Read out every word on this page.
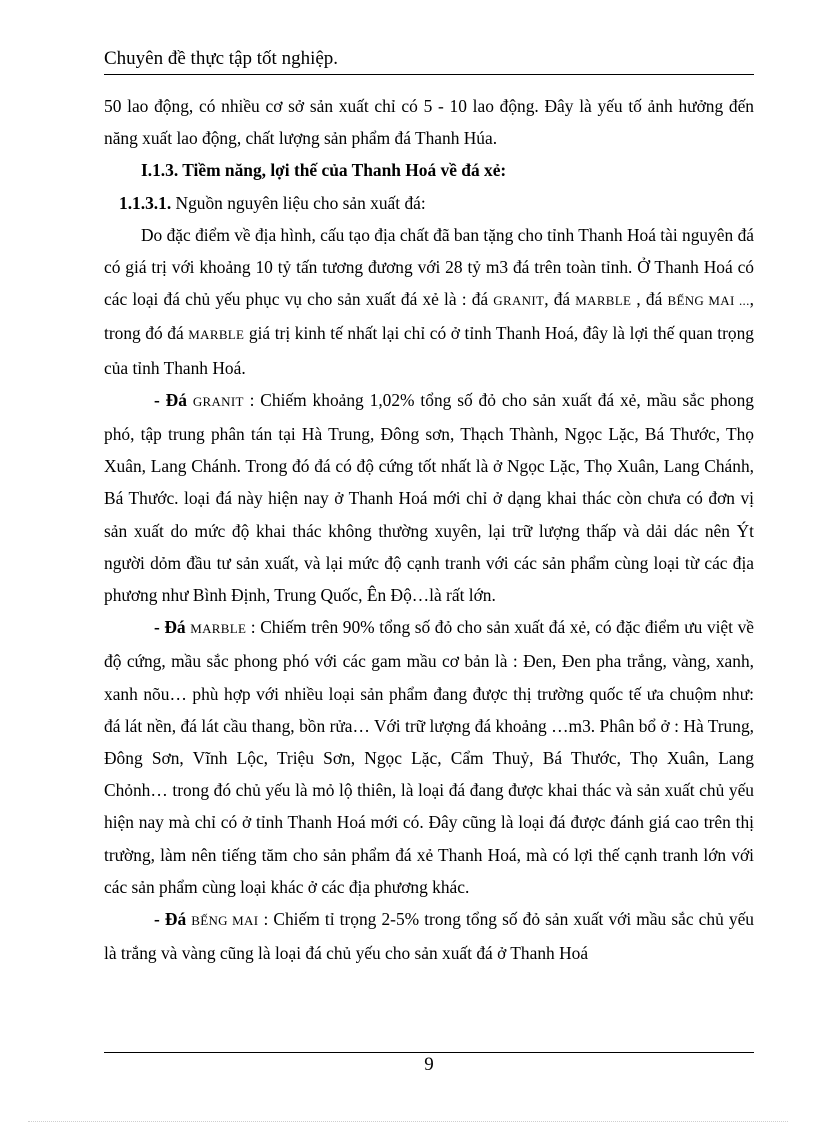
Chuyên đề thực tập tốt nghiệp.

50 lao động, có nhiều cơ sở sản xuất chỉ có 5 - 10 lao động. Đây là yếu tố ảnh hưởng đến năng xuất lao động, chất lượng sản phẩm đá Thanh Húa.

I.1.3. Tiềm năng, lợi thế của Thanh Hoá về đá xẻ:

1.1.3.1. Nguồn nguyên liệu cho sản xuất đá:

Do đặc điểm về địa hình, cấu tạo địa chất đã ban tặng cho tỉnh Thanh Hoá tài nguyên đá có giá trị với khoảng 10 tỷ tấn tương đương với 28 tỷ m3 đá trên toàn tỉnh. Ở Thanh Hoá có các loại đá chủ yếu phục vụ cho sản xuất đá xẻ là : đá GRANIT, đá MARBLE , đá BẾNG MAI ..., trong đó đá MARBLE giá trị kinh tế nhất lại chỉ có ở tỉnh Thanh Hoá, đây là lợi thế quan trọng của tỉnh Thanh Hoá.

- Đá GRANIT : Chiếm khoảng 1,02% tổng số đỏ cho sản xuất đá xẻ, mầu sắc phong phó, tập trung phân tán tại Hà Trung, Đông sơn, Thạch Thành, Ngọc Lặc, Bá Thước, Thọ Xuân, Lang Chánh. Trong đó đá có độ cứng tốt nhất là ở Ngọc Lặc, Thọ Xuân, Lang Chánh, Bá Thước. loại đá này hiện nay ở Thanh Hoá mới chỉ ở dạng khai thác còn chưa có đơn vị sản xuất do mức độ khai thác không thường xuyên, lại trữ lượng thấp và dải dác nên Ýt người dỏm đầu tư sản xuất, và lại mức độ cạnh tranh với các sản phẩm cùng loại từ các địa phương như Bình Định, Trung Quốc, Ên Độ…là rất lớn.

- Đá MARBLE : Chiếm trên 90% tổng số đỏ cho sản xuất đá xẻ, có đặc điểm ưu việt về độ cứng, mầu sắc phong phó với các gam mầu cơ bản là : Đen, Đen pha trắng, vàng, xanh, xanh nõu… phù hợp với nhiều loại sản phẩm đang được thị trường quốc tế ưa chuộm như: đá lát nền, đá lát cầu thang, bồn rửa… Với trữ lượng đá khoảng …m3. Phân bổ ở : Hà Trung, Đông Sơn, Vĩnh Lộc, Triệu Sơn, Ngọc Lặc, Cẩm Thuỷ, Bá Thước, Thọ Xuân, Lang Chỏnh… trong đó chủ yếu là mỏ lộ thiên, là loại đá đang được khai thác và sản xuất chủ yếu hiện nay mà chỉ có ở tỉnh Thanh Hoá mới có. Đây cũng là loại đá được đánh giá cao trên thị trường, làm nên tiếng tăm cho sản phẩm đá xẻ Thanh Hoá, mà có lợi thế cạnh tranh lớn với các sản phẩm cùng loại khác ở các địa phương khác.

- Đá BẾNG MAI : Chiếm tỉ trọng 2-5% trong tổng số đỏ sản xuất với mầu sắc chủ yếu là trắng và vàng cũng là loại đá chủ yếu cho sản xuất đá ở Thanh Hoá

9
